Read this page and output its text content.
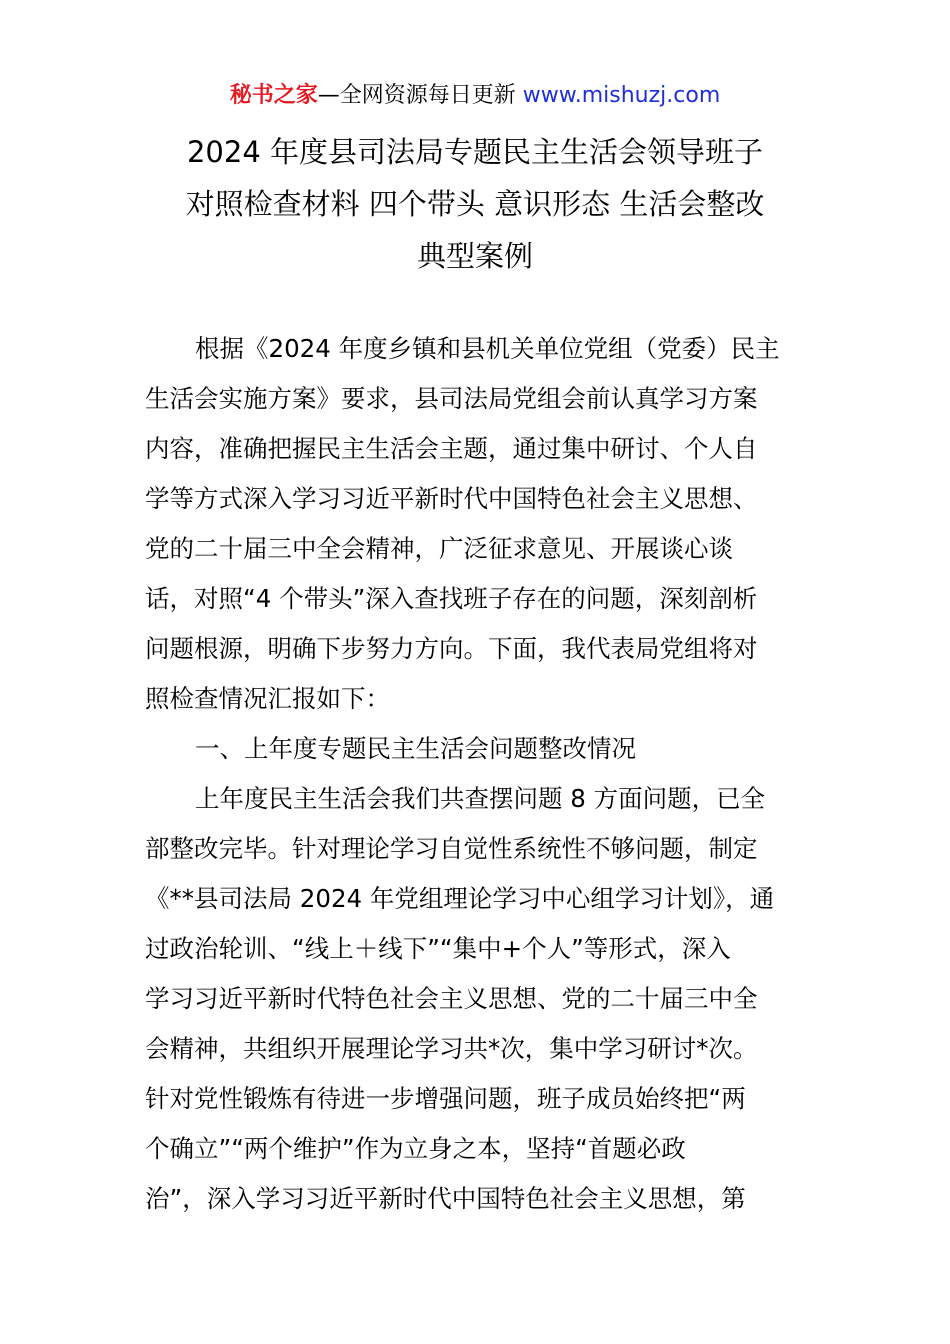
秘书之家—全网资源每日更新 www.mishuzj.com
2024 年度县司法局专题民主生活会领导班子
对照检查材料 四个带头 意识形态 生活会整改
典型案例
根据《2024 年度乡镇和县机关单位党组（党委）民主
生活会实施方案》要求，县司法局党组会前认真学习方案
内容，准确把握民主生活会主题，通过集中研讨、个人自
学等方式深入学习习近平新时代中国特色社会主义思想、
党的二十届三中全会精神，广泛征求意见、开展谈心谈
话，对照“4 个带头”深入查找班子存在的问题，深刻剖析
问题根源，明确下步努力方向。下面，我代表局党组将对
照检查情况汇报如下：
一、上年度专题民主生活会问题整改情况
上年度民主生活会我们共查摆问题 8 方面问题，已全
部整改完毕。针对理论学习自觉性系统性不够问题，制定
《**县司法局 2024 年党组理论学习中心组学习计划》，通
过政治轮训、“线上＋线下”“集中+个人”等形式，深入
学习习近平新时代特色社会主义思想、党的二十届三中全
会精神，共组织开展理论学习共*次，集中学习研讨*次。
针对党性锻炼有待进一步增强问题，班子成员始终把“两
个确立”“两个维护”作为立身之本，坚持“首题必政
治”，深入学习习近平新时代中国特色社会主义思想，第
